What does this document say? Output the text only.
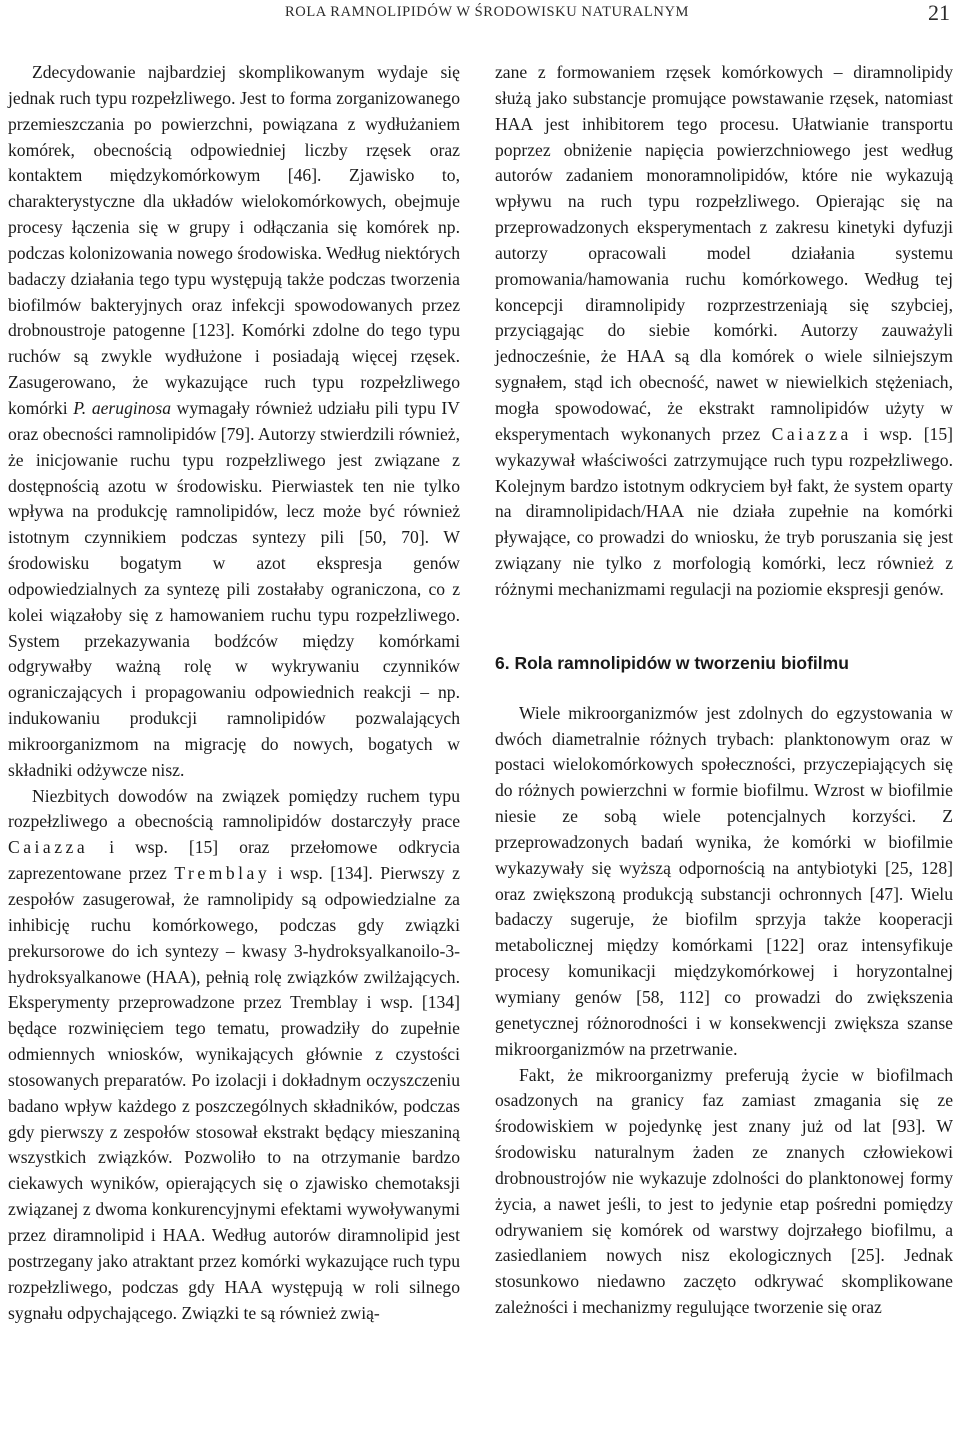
ROLA RAMNOLIPIDÓW W ŚRODOWISKU NATURALNYM	21

Zdecydowanie najbardziej skomplikowanym wydaje się jednak ruch typu rozpełzliwego. Jest to forma zorganizowanego przemieszczania po powierzchni, powiązana z wydłużaniem komórek, obecnością odpowiedniej liczby rzęsek oraz kontaktem międzykomórkowym [46]. Zjawisko to, charakterystyczne dla układów wielokomórkowych, obejmuje procesy łączenia się w grupy i odłączania się komórek np. podczas kolonizowania nowego środowiska. Według niektórych badaczy działania tego typu występują także podczas tworzenia biofilmów bakteryjnych oraz infekcji spowodowanych przez drobnoustroje patogenne [123]. Komórki zdolne do tego typu ruchów są zwykle wydłużone i posiadają więcej rzęsek. Zasugerowano, że wykazujące ruch typu rozpełzliwego komórki P. aeruginosa wymagały również udziału pili typu IV oraz obecności ramnolipidów [79]. Autorzy stwierdzili również, że inicjowanie ruchu typu rozpełzliwego jest związane z dostępnością azotu w środowisku. Pierwiastek ten nie tylko wpływa na produkcję ramnolipidów, lecz może być również istotnym czynnikiem podczas syntezy pili [50, 70]. W środowisku bogatym w azot ekspresja genów odpowiedzialnych za syntezę pili zostałaby ograniczona, co z kolei wiązałoby się z hamowaniem ruchu typu rozpełzliwego. System przekazywania bodźców między komórkami odgrywałby ważną rolę w wykrywaniu czynników ograniczających i propagowaniu odpowiednich reakcji – np. indukowaniu produkcji ramnolipidów pozwalających mikroorganizmom na migrację do nowych, bogatych w składniki odżywcze nisz.

Niezbitych dowodów na związek pomiędzy ruchem typu rozpełzliwego a obecnością ramnolipidów dostarczyły prace Caiazza i wsp. [15] oraz przełomowe odkrycia zaprezentowane przez Tremblay i wsp. [134]. Pierwszy z zespołów zasugerował, że ramnolipidy są odpowiedzialne za inhibicję ruchu komórkowego, podczas gdy związki prekursorowe do ich syntezy – kwasy 3-hydroksyalkanoilo-3-hydroksyalkanowe (HAA), pełnią rolę związków zwilżających. Eksperymenty przeprowadzone przez Tremblay i wsp. [134] będące rozwinięciem tego tematu, prowadziły do zupełnie odmiennych wniosków, wynikających głównie z czystości stosowanych preparatów. Po izolacji i dokładnym oczyszczeniu badano wpływ każdego z poszczególnych składników, podczas gdy pierwszy z zespołów stosował ekstrakt będący mieszaniną wszystkich związków. Pozwoliło to na otrzymanie bardzo ciekawych wyników, opierających się o zjawisko chemotaksji związanej z dwoma konkurencyjnymi efektami wywoływanymi przez diramnolipid i HAA. Według autorów diramnolipid jest postrzegany jako atraktant przez komórki wykazujące ruch typu rozpełzliwego, podczas gdy HAA występują w roli silnego sygnału odpychającego. Związki te są również zwią-

zane z formowaniem rzęsek komórkowych – diramnolipidy służą jako substancje promujące powstawanie rzęsek, natomiast HAA jest inhibitorem tego procesu. Ułatwianie transportu poprzez obniżenie napięcia powierzchniowego jest według autorów zadaniem monoramnolipidów, które nie wykazują wpływu na ruch typu rozpełzliwego. Opierając się na przeprowadzonych eksperymentach z zakresu kinetyki dyfuzji autorzy opracowali model działania systemu promowania/hamowania ruchu komórkowego. Według tej koncepcji diramnolipidy rozprzestrzeniają się szybciej, przyciągając do siebie komórki. Autorzy zauważyli jednocześnie, że HAA są dla komórek o wiele silniejszym sygnałem, stąd ich obecność, nawet w niewielkich stężeniach, mogła spowodować, że ekstrakt ramnolipidów użyty w eksperymentach wykonanych przez Caiazza i wsp. [15] wykazywał właściwości zatrzymujące ruch typu rozpełzliwego. Kolejnym bardzo istotnym odkryciem był fakt, że system oparty na diramnolipidach/HAA nie działa zupełnie na komórki pływające, co prowadzi do wniosku, że tryb poruszania się jest związany nie tylko z morfologią komórki, lecz również z różnymi mechanizmami regulacji na poziomie ekspresji genów.

6. Rola ramnolipidów w tworzeniu biofilmu

Wiele mikroorganizmów jest zdolnych do egzystowania w dwóch diametralnie różnych trybach: planktonowym oraz w postaci wielokomórkowych społeczności, przyczepiających się do różnych powierzchni w formie biofilmu. Wzrost w biofilmie niesie ze sobą wiele potencjalnych korzyści. Z przeprowadzonych badań wynika, że komórki w biofilmie wykazywały się wyższą odpornością na antybiotyki [25, 128] oraz zwiększoną produkcją substancji ochronnych [47]. Wielu badaczy sugeruje, że biofilm sprzyja także kooperacji metabolicznej między komórkami [122] oraz intensyfikuje procesy komunikacji międzykomórkowej i horyzontalnej wymiany genów [58, 112] co prowadzi do zwiększenia genetycznej różnorodności i w konsekwencji zwiększa szanse mikroorganizmów na przetrwanie.

Fakt, że mikroorganizmy preferują życie w biofilmach osadzonych na granicy faz zamiast zmagania się ze środowiskiem w pojedynkę jest znany już od lat [93]. W środowisku naturalnym żaden ze znanych człowiekowi drobnoustrojów nie wykazuje zdolności do planktonowej formy życia, a nawet jeśli, to jest to jedynie etap pośredni pomiędzy odrywaniem się komórek od warstwy dojrzałego biofilmu, a zasiedlaniem nowych nisz ekologicznych [25]. Jednak stosunkowo niedawno zaczęto odkrywać skomplikowane zależności i mechanizmy regulujące tworzenie się oraz
